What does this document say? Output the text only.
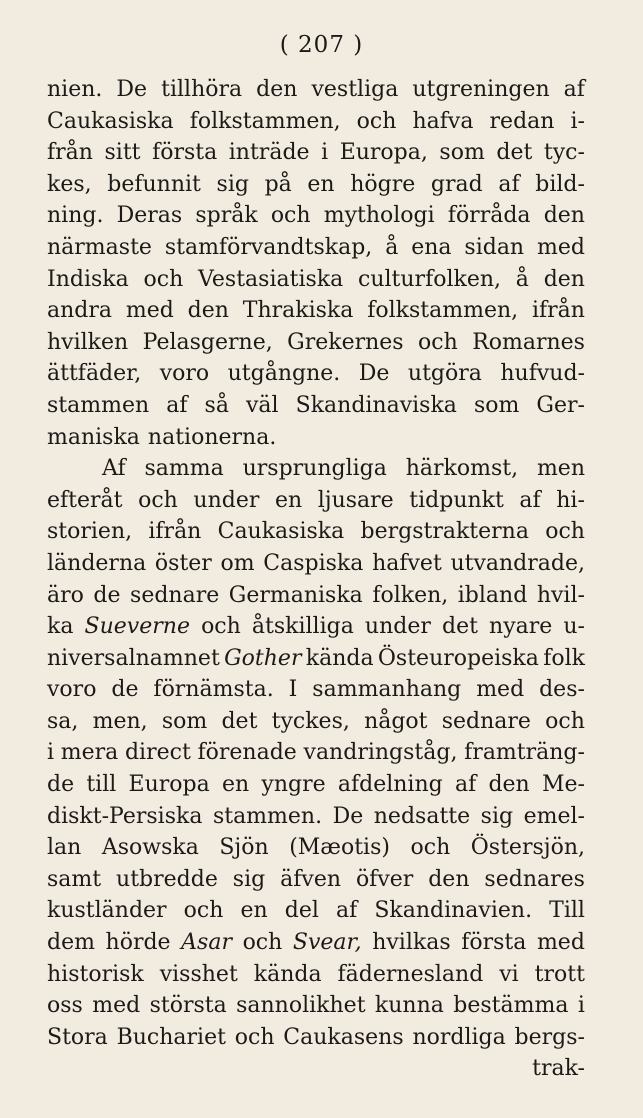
( 207 )
nien. De tillhöra den vestliga utgreningen af
Caukasiska folkstammen, och hafva redan i-
från sitt första inträde i Europa, som det tyc-
kes, befunnit sig på en högre grad af bild-
ning. Deras språk och mythologi förråda den
närmaste stamförvandtskap, å ena sidan med
Indiska och Vestasiatiska culturfolken, å den
andra med den Thrakiska folkstammen, ifrån
hvilken Pelasgerne, Grekernes och Romarnes
ättfäder, voro utgångne. De utgöra hufvud-
stammen af så väl Skandinaviska som Ger-
maniska nationerna.
Af samma ursprungliga härkomst, men
efteråt och under en ljusare tidpunkt af hi-
storien, ifrån Caukasiska bergstrakterna och
länderna öster om Caspiska hafvet utvandrade,
äro de sednare Germaniska folken, ibland hvil-
ka Sueverne och åtskilliga under det nyare u-
niversalnamnet Gother kända Östeuropeiska folk
voro de förnämsta. I sammanhang med des-
sa, men, som det tyckes, något sednare och
i mera direct förenade vandringståg, framträng-
de till Europa en yngre afdelning af den Me-
diskt-Persiska stammen. De nedsatte sig emel-
lan Asowska Sjön (Mæotis) och Östersjön,
samt utbredde sig äfven öfver den sednares
kustländer och en del af Skandinavien. Till
dem hörde Asar och Svear, hvilkas första med
historisk visshet kända fädernesland vi trott
oss med största sannolikhet kunna bestämma i
Stora Buchariet och Caukasens nordliga bergs-
trak-
